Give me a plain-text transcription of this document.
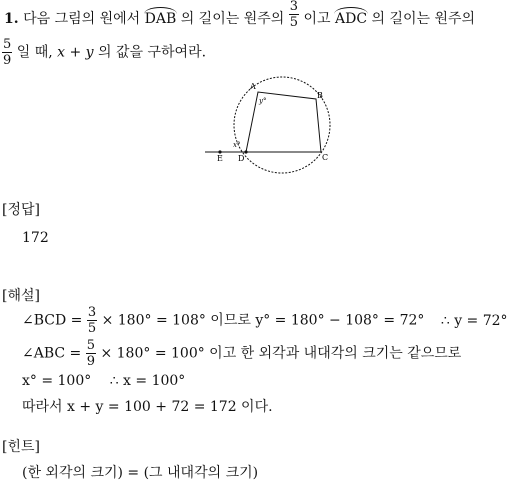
1. 다음 그림의 원에서 DAB 의 길이는 원주의 $\frac{3}{5}$ 이고 ADC 의 길이는 원주의
$\frac{5}{9}$ 일 때, x + y 의 값을 구하여라.
A
B
C
D
E
x°
y°
[정답]
172
[해설]
∠BCD = $\frac{3}{5} \times 180^\circ = 108^\circ$ 이므로 y° = 180° − 108° = 72° ∴ y = 72°
∠ABC = $\frac{5}{9} \times 180^\circ = 100^\circ$ 이고 한 외각과 내대각의 크기는 같으므로
x° = 100° ∴ x = 100°
따라서 x + y = 100 + 72 = 172 이다.
[힌트]
(한 외각의 크기) = (그 내대각의 크기)
